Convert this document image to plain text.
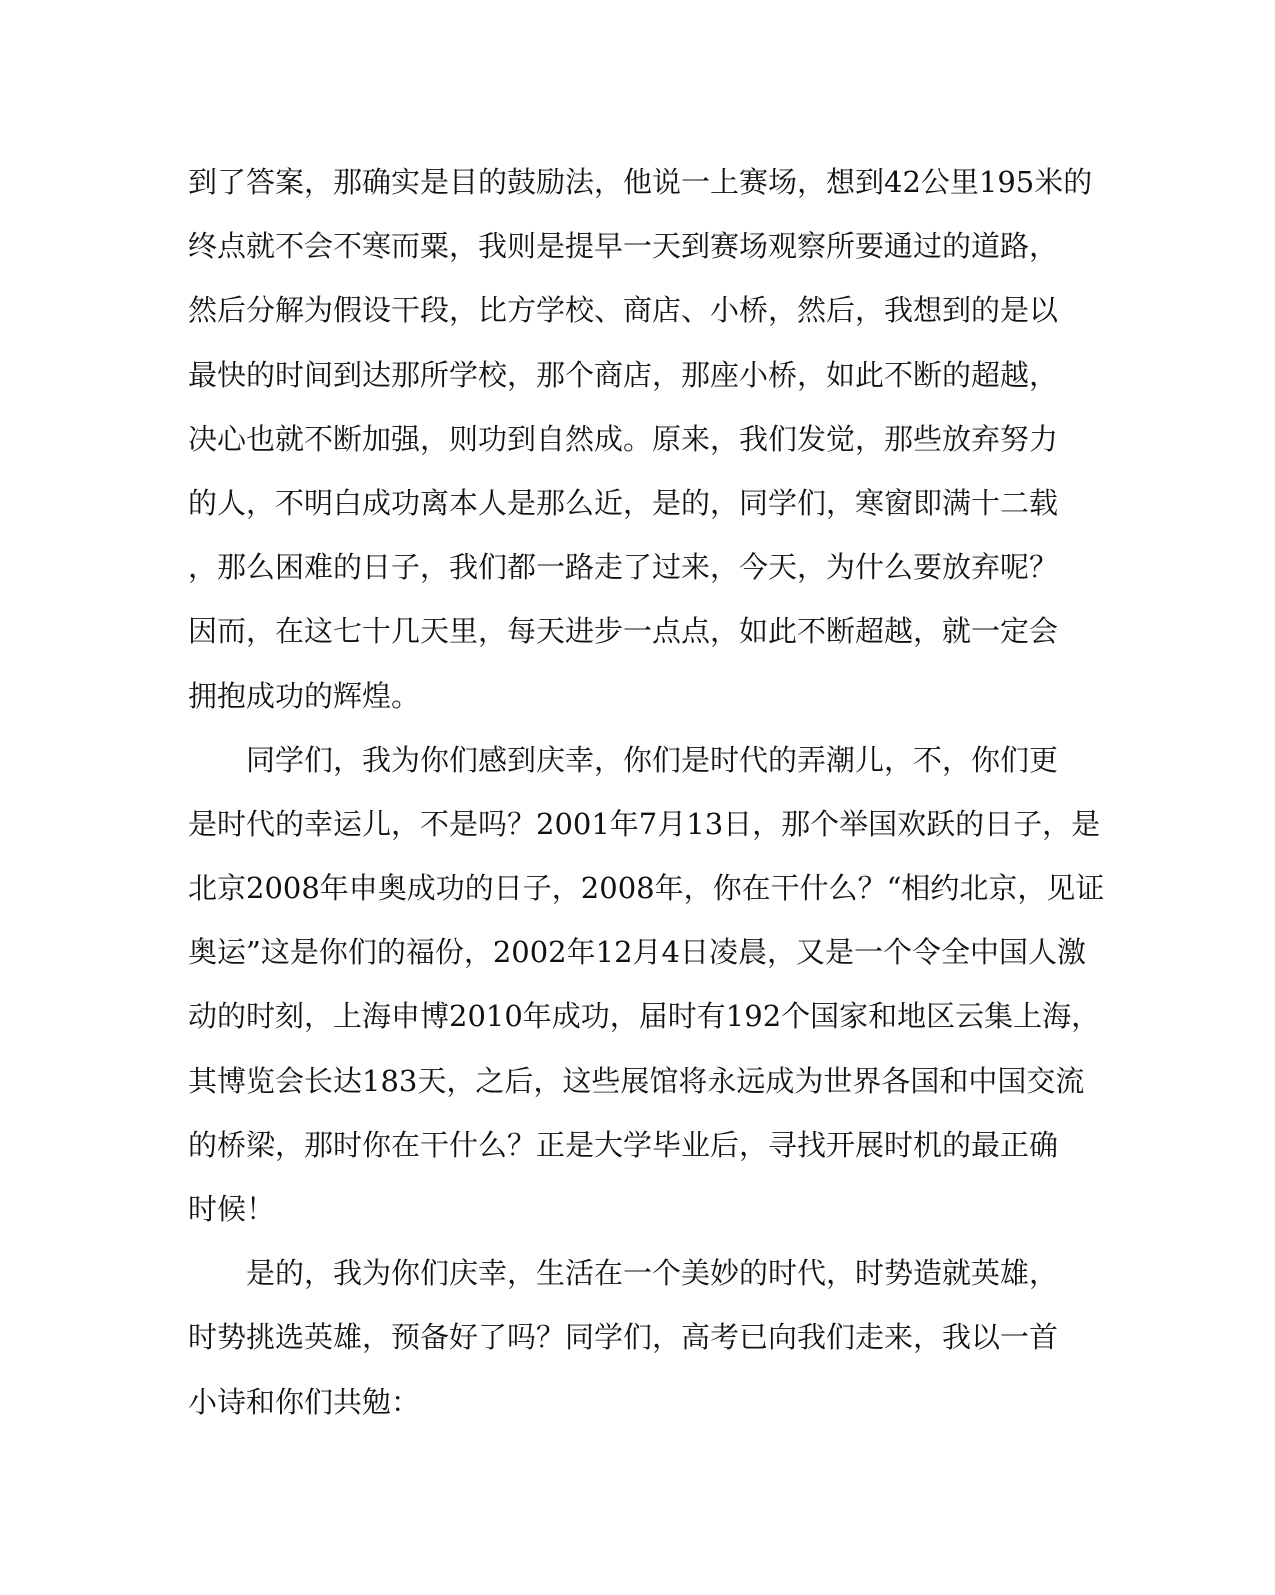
到了答案，那确实是目的鼓励法，他说一上赛场，想到42公里195米的
终点就不会不寒而粟，我则是提早一天到赛场观察所要通过的道路，
然后分解为假设干段，比方学校、商店、小桥，然后，我想到的是以
最快的时间到达那所学校，那个商店，那座小桥，如此不断的超越，
决心也就不断加强，则功到自然成。原来，我们发觉，那些放弃努力
的人，不明白成功离本人是那么近，是的，同学们，寒窗即满十二载
，那么困难的日子，我们都一路走了过来，今天，为什么要放弃呢？
因而，在这七十几天里，每天进步一点点，如此不断超越，就一定会
拥抱成功的辉煌。
同学们，我为你们感到庆幸，你们是时代的弄潮儿，不，你们更
是时代的幸运儿，不是吗？2001年7月13日，那个举国欢跃的日子，是
北京2008年申奥成功的日子，2008年，你在干什么？“相约北京，见证
奥运”这是你们的福份，2002年12月4日凌晨，又是一个令全中国人激
动的时刻，上海申博2010年成功，届时有192个国家和地区云集上海，
其博览会长达183天，之后，这些展馆将永远成为世界各国和中国交流
的桥梁，那时你在干什么？正是大学毕业后，寻找开展时机的最正确
时候！
是的，我为你们庆幸，生活在一个美妙的时代，时势造就英雄，
时势挑选英雄，预备好了吗？同学们，高考已向我们走来，我以一首
小诗和你们共勉：
